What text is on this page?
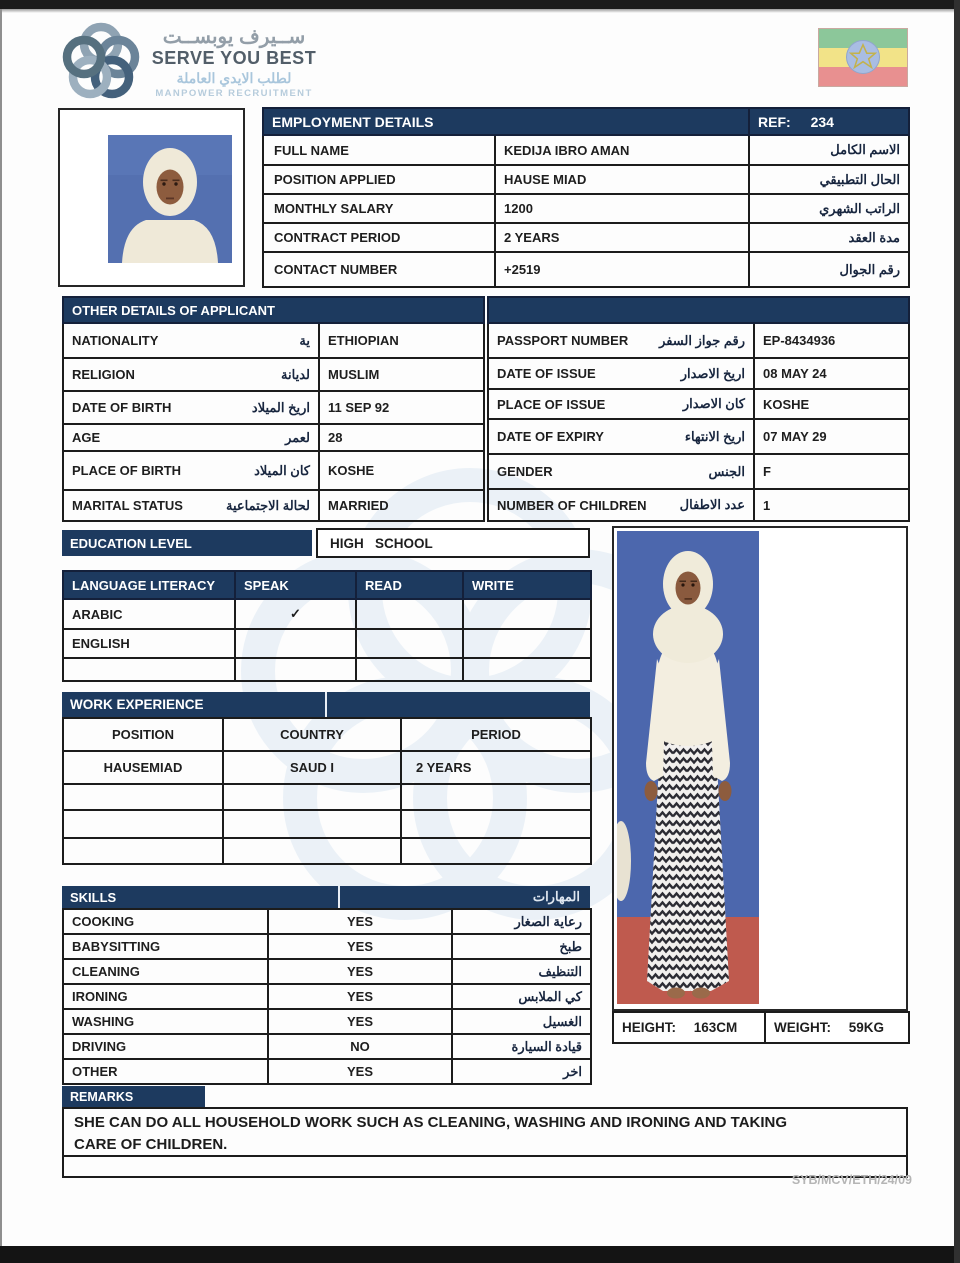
ســيرف يوبســت
SERVE YOU BEST
لطلب الايدي العاملة
MANPOWER RECRUITMENT
EMPLOYMENT DETAILS		REF: 234
FULL NAME	KEDIJA IBRO AMAN	الاسم الكامل
POSITION APPLIED	HAUSE MIAD	الحال التطبيقي
MONTHLY SALARY	1200	الراتب الشهري
CONTRACT PERIOD	2 YEARS	مدة العقد
CONTACT NUMBER	+2519	رقم الجوال
OTHER DETAILS OF APPLICANT	

NATIONALITY ية	ETHIOPIAN

RELIGION لديانة	MUSLIM

DATE OF BIRTH اريخ الميلاد	11 SEP 92

AGE لعمر	28

PLACE OF BIRTH كان الميلاد	KOSHE

MARITAL STATUS لحالة الاجتماعية	MARRIED

PASSPORT NUMBER رقم جواز السفر	EP-8434936

DATE OF ISSUE اريخ الاصدار	08 MAY 24

PLACE OF ISSUE كان الاصدار	KOSHE

DATE OF EXPIRY اريخ الانتهاء	07 MAY 29

GENDER الجنس	F

NUMBER OF CHILDREN عدد الاطفال	1
EDUCATION LEVEL	HIGH   SCHOOL
LANGUAGE LITERACY	SPEAK	READ	WRITE
ARABIC	✓		
ENGLISH			

WORK EXPERIENCE
POSITION	COUNTRY	PERIOD
HAUSEMIAD	SAUD I	2 YEARS

SKILLS	المهارات
COOKING	YES	رعاية الصغار
BABYSITTING	YES	طبخ
CLEANING	YES	التنظيف
IRONING	YES	كي الملابس
WASHING	YES	الغسيل
DRIVING	NO	قيادة السيارة
OTHER	YES	اخر
HEIGHT: 163CM	WEIGHT: 59KG
REMARKS
SHE CAN DO ALL HOUSEHOLD WORK SUCH AS CLEANING, WASHING AND IRONING AND TAKING CARE OF CHILDREN.
SYB/MCV/ETH/24/09
